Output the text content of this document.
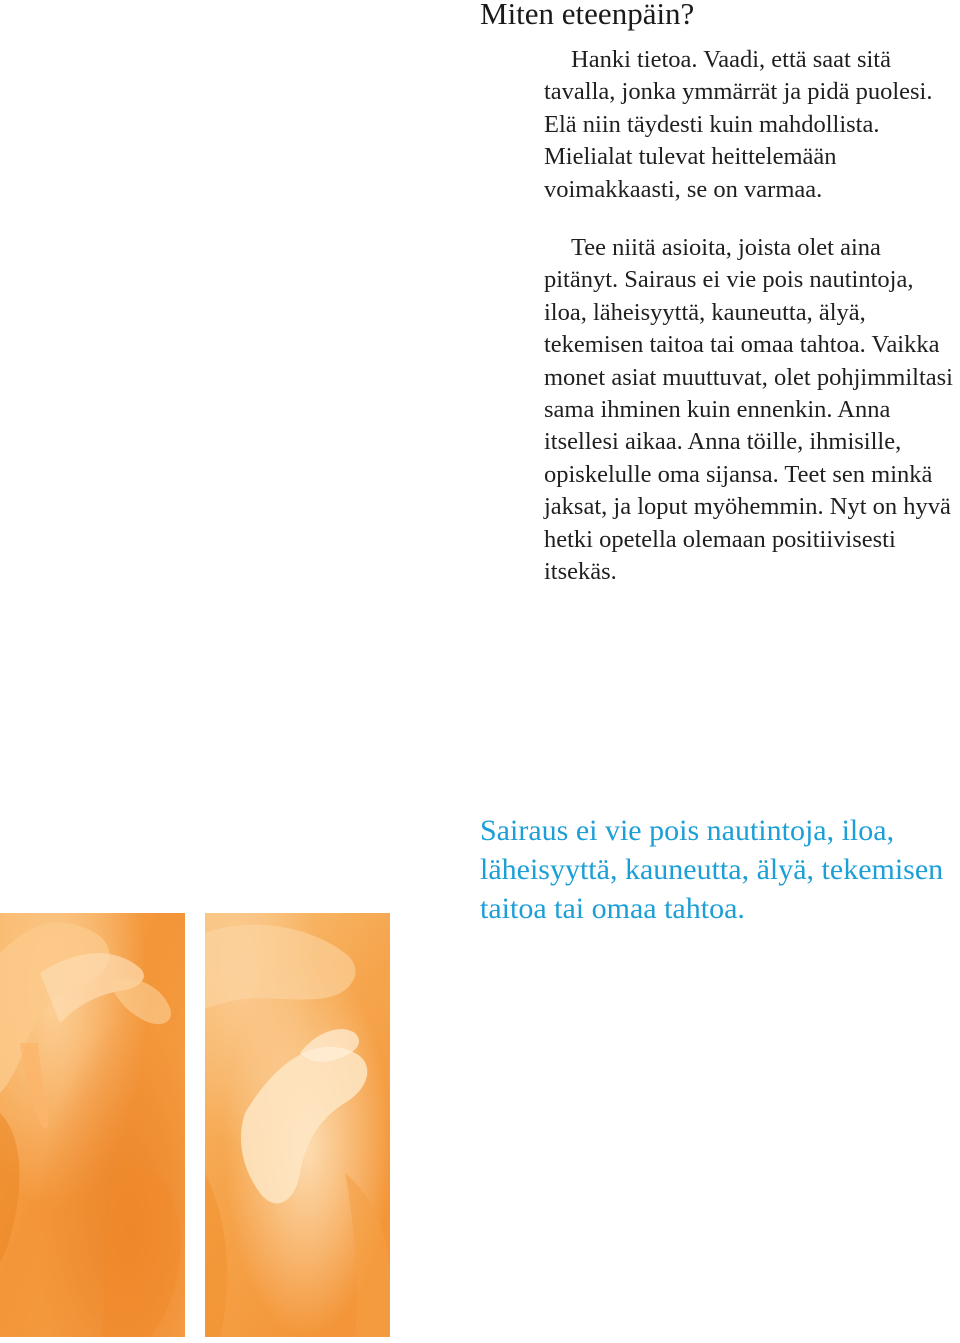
Miten eteenpäin?

Hanki tietoa. Vaadi, että saat sitä tavalla, jonka ymmärrät ja pidä puolesi. Elä niin täydesti kuin mahdollista. Mielialat tulevat heittelemään voimakkaasti, se on varmaa.

Tee niitä asioita, joista olet aina pitänyt. Sairaus ei vie pois nautintoja, iloa, läheisyyttä, kauneutta, älyä, tekemisen taitoa tai omaa tahtoa. Vaikka monet asiat muuttuvat, olet pohjimmiltasi sama ihminen kuin ennenkin. Anna itsellesi aikaa. Anna töille, ihmisille, opiskelulle oma sijansa. Teet sen minkä jaksat, ja loput myöhemmin. Nyt on hyvä hetki opetella olemaan positiivisesti itsekäs.

Sairaus ei vie pois nautintoja, iloa, läheisyyttä, kauneutta, älyä, tekemisen taitoa tai omaa tahtoa.
